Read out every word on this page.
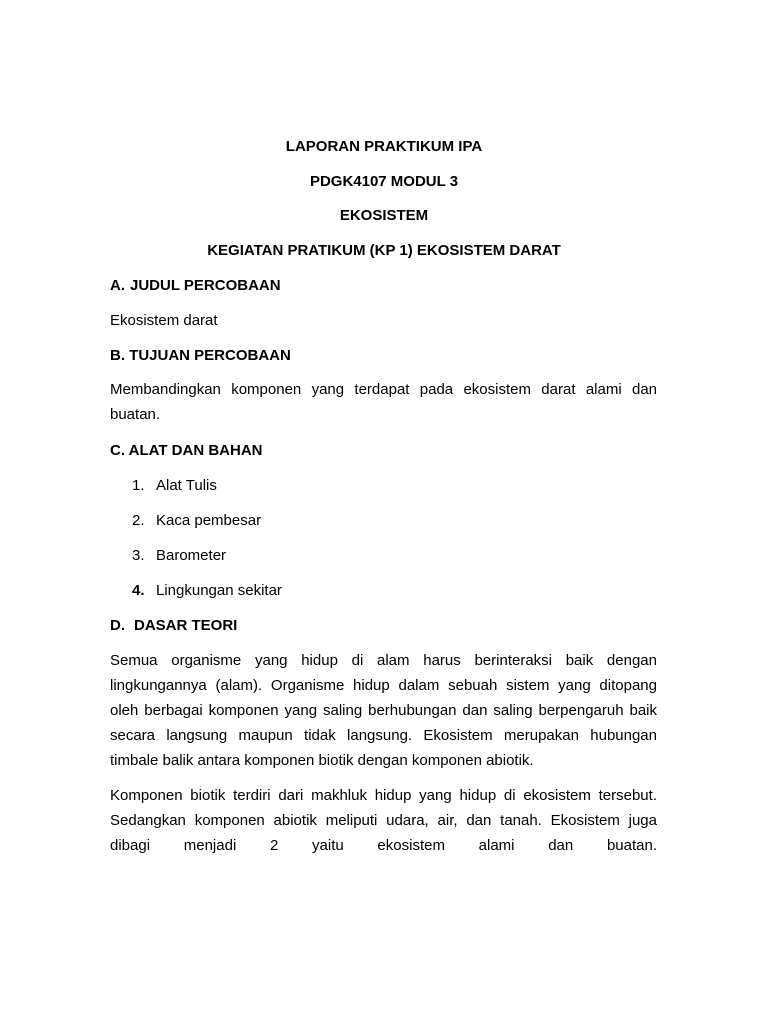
LAPORAN PRAKTIKUM IPA

PDGK4107 MODUL 3

EKOSISTEM

KEGIATAN PRATIKUM (KP 1) EKOSISTEM DARAT

A. JUDUL PERCOBAAN

Ekosistem darat

B. TUJUAN PERCOBAAN

Membandingkan komponen yang terdapat pada ekosistem darat alami dan
buatan.

C. ALAT DAN BAHAN

1. Alat Tulis

2. Kaca pembesar

3. Barometer

4. Lingkungan sekitar

D. DASAR TEORI

Semua organisme yang hidup di alam harus berinteraksi baik dengan
lingkungannya (alam). Organisme hidup dalam sebuah sistem yang ditopang
oleh berbagai komponen yang saling berhubungan dan saling berpengaruh baik
secara langsung maupun tidak langsung. Ekosistem merupakan hubungan
timbale balik antara komponen biotik dengan komponen abiotik.
Komponen biotik terdiri dari makhluk hidup yang hidup di ekosistem tersebut.
Sedangkan komponen abiotik meliputi udara, air, dan tanah. Ekosistem juga
dibagi menjadi 2 yaitu ekosistem alami dan buatan.
